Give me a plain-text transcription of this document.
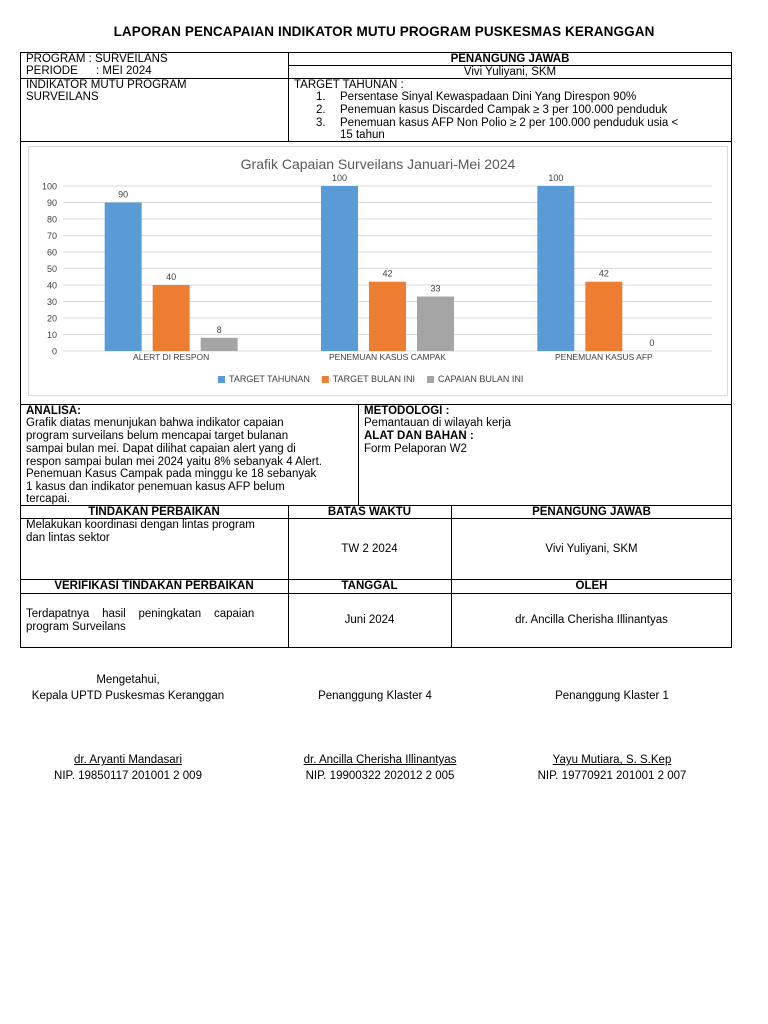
LAPORAN PENCAPAIAN INDIKATOR MUTU PROGRAM PUSKESMAS KERANGGAN
PROGRAM : SURVEILANS
PERIODE : MEI 2024
PENANGUNG JAWAB
Vivi Yuliyani, SKM
INDIKATOR MUTU PROGRAM
SURVEILANS
TARGET TAHUNAN :
1. Persentase Sinyal Kewaspadaan Dini Yang Direspon 90%
2. Penemuan kasus Discarded Campak ≥ 3 per 100.000 penduduk
3. Penemuan kasus AFP Non Polio ≥ 2 per 100.000 penduduk usia <
15 tahun
Grafik Capaian Surveilans Januari-Mei 2024
0
10
20
30
40
50
60
70
80
90
100
90
40
8
ALERT DI RESPON
100
42
33
PENEMUAN KASUS CAMPAK
100
42
0
PENEMUAN KASUS AFP
TARGET TAHUNAN	TARGET BULAN INI	CAPAIAN BULAN INI
ANALISA:
Grafik diatas menunjukan bahwa indikator capaian
program surveilans belum mencapai target bulanan
sampai bulan mei. Dapat dilihat capaian alert yang di
respon sampai bulan mei 2024 yaitu 8% sebanyak 4 Alert.
Penemuan Kasus Campak pada minggu ke 18 sebanyak
1 kasus dan indikator penemuan kasus AFP belum
tercapai.
METODOLOGI :
Pemantauan di wilayah kerja
ALAT DAN BAHAN :
Form Pelaporan W2
TINDAKAN PERBAIKAN	BATAS WAKTU	PENANGUNG JAWAB
Melakukan koordinasi dengan lintas program
dan lintas sektor
TW 2 2024	Vivi Yuliyani, SKM
VERIFIKASI TINDAKAN PERBAIKAN	TANGGAL	OLEH
Terdapatnya    hasil    peningkatan    capaian
program Surveilans
Juni 2024	dr. Ancilla Cherisha Illinantyas
Mengetahui,
Kepala UPTD Puskesmas Keranggan	Penanggung Klaster 4	Penanggung Klaster 1
dr. Aryanti Mandasari	dr. Ancilla Cherisha Illinantyas	Yayu Mutiara, S. S.Kep
NIP. 19850117 201001 2 009	NIP. 19900322 202012 2 005	NIP. 19770921 201001 2 007
